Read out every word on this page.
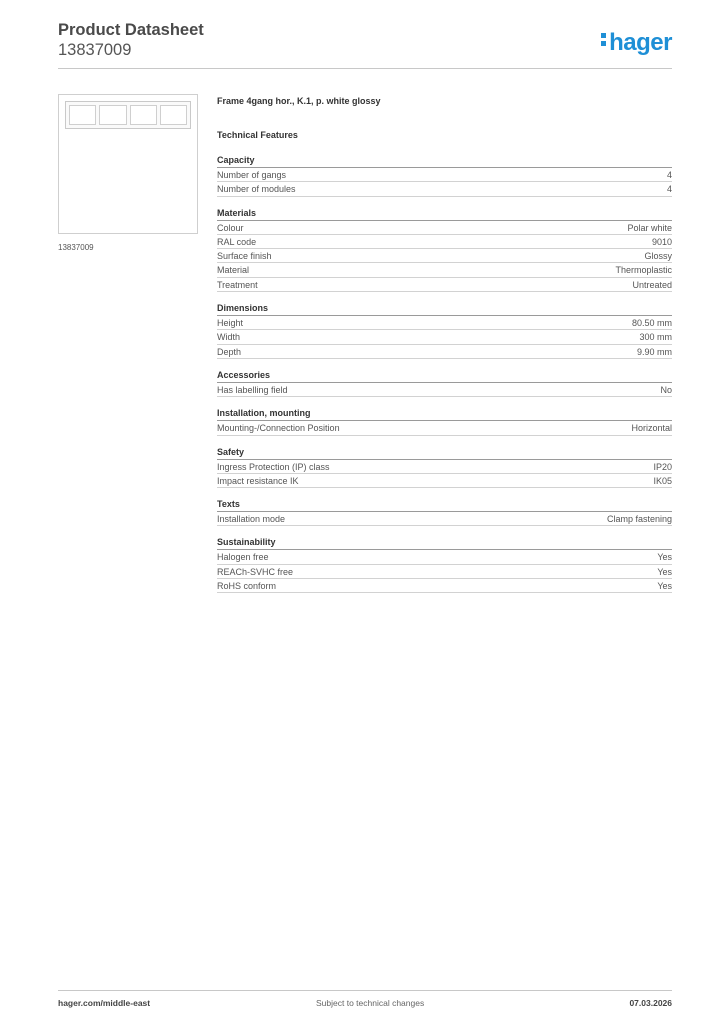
Product Datasheet
13837009	hager
13837009
Frame 4gang hor., K.1, p. white glossy
Technical Features
Capacity
Number of gangs	4
Number of modules	4
Materials
Colour	Polar white
RAL code	9010
Surface finish	Glossy
Material	Thermoplastic
Treatment	Untreated
Dimensions
Height	80.50 mm
Width	300 mm
Depth	9.90 mm
Accessories
Has labelling field	No
Installation, mounting
Mounting-/Connection Position	Horizontal
Safety
Ingress Protection (IP) class	IP20
Impact resistance IK	IK05
Texts
Installation mode	Clamp fastening
Sustainability
Halogen free	Yes
REACh-SVHC free	Yes
RoHS conform	Yes
hager.com/middle-east	Subject to technical changes	07.03.2026
